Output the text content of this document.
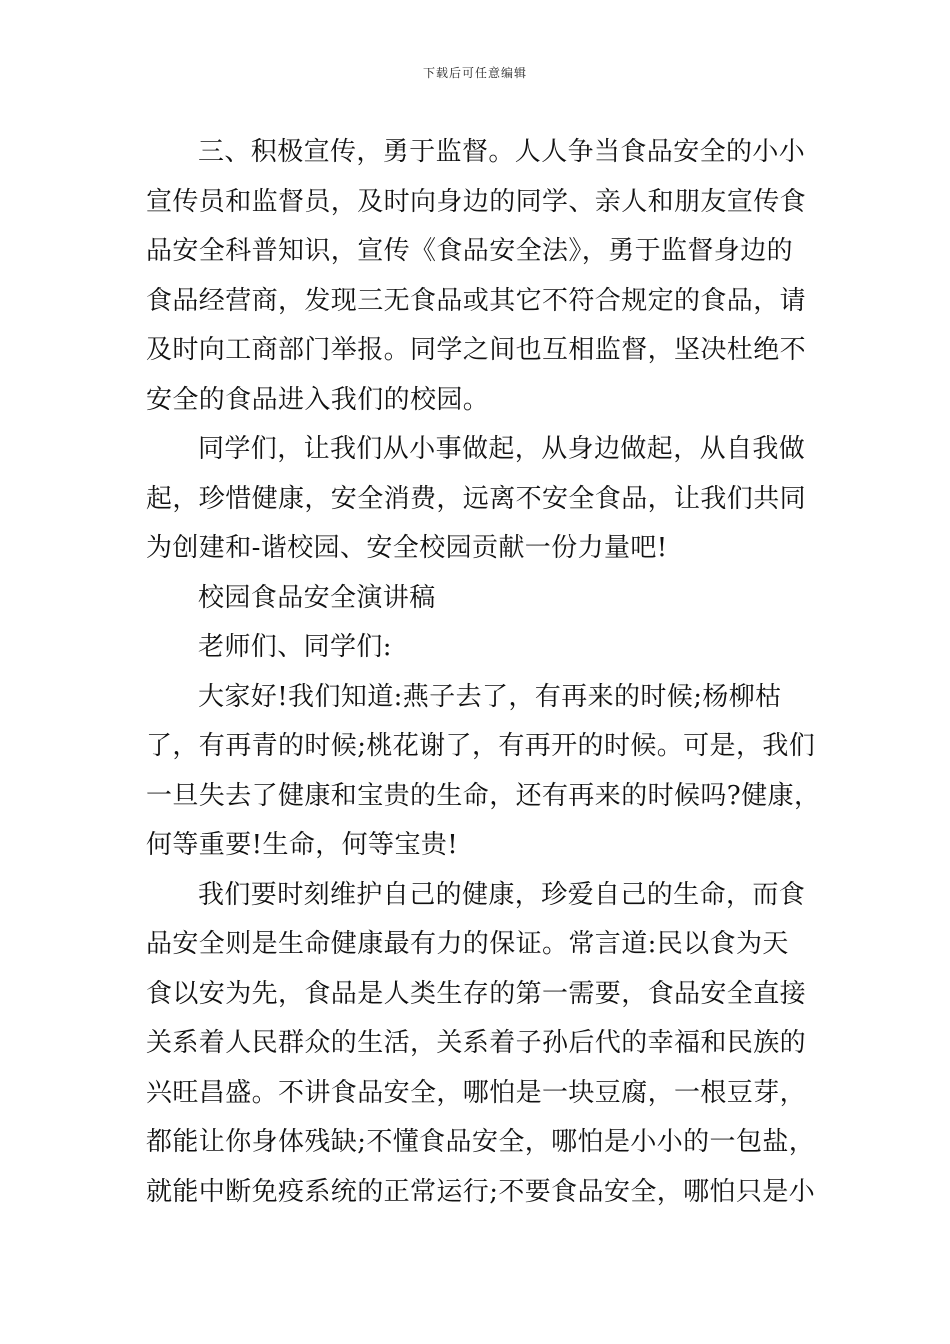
下载后可任意编辑
三、积极宣传，勇于监督。人人争当食品安全的小小
宣传员和监督员，及时向身边的同学、亲人和朋友宣传食
品安全科普知识，宣传《食品安全法》，勇于监督身边的
食品经营商，发现三无食品或其它不符合规定的食品，请
及时向工商部门举报。同学之间也互相监督，坚决杜绝不
安全的食品进入我们的校园。
同学们，让我们从小事做起，从身边做起，从自我做
起，珍惜健康，安全消费，远离不安全食品，让我们共同
为创建和-谐校园、安全校园贡献一份力量吧!
校园食品安全演讲稿
老师们、同学们:
大家好!我们知道:燕子去了，有再来的时候;杨柳枯
了，有再青的时候;桃花谢了，有再开的时候。可是，我们
一旦失去了健康和宝贵的生命，还有再来的时候吗?健康，
何等重要!生命，何等宝贵!
我们要时刻维护自己的健康，珍爱自己的生命，而食
品安全则是生命健康最有力的保证。常言道:民以食为天
食以安为先，食品是人类生存的第一需要，食品安全直接
关系着人民群众的生活，关系着子孙后代的幸福和民族的
兴旺昌盛。不讲食品安全，哪怕是一块豆腐，一根豆芽，
都能让你身体残缺;不懂食品安全，哪怕是小小的一包盐，
就能中断免疫系统的正常运行;不要食品安全，哪怕只是小
